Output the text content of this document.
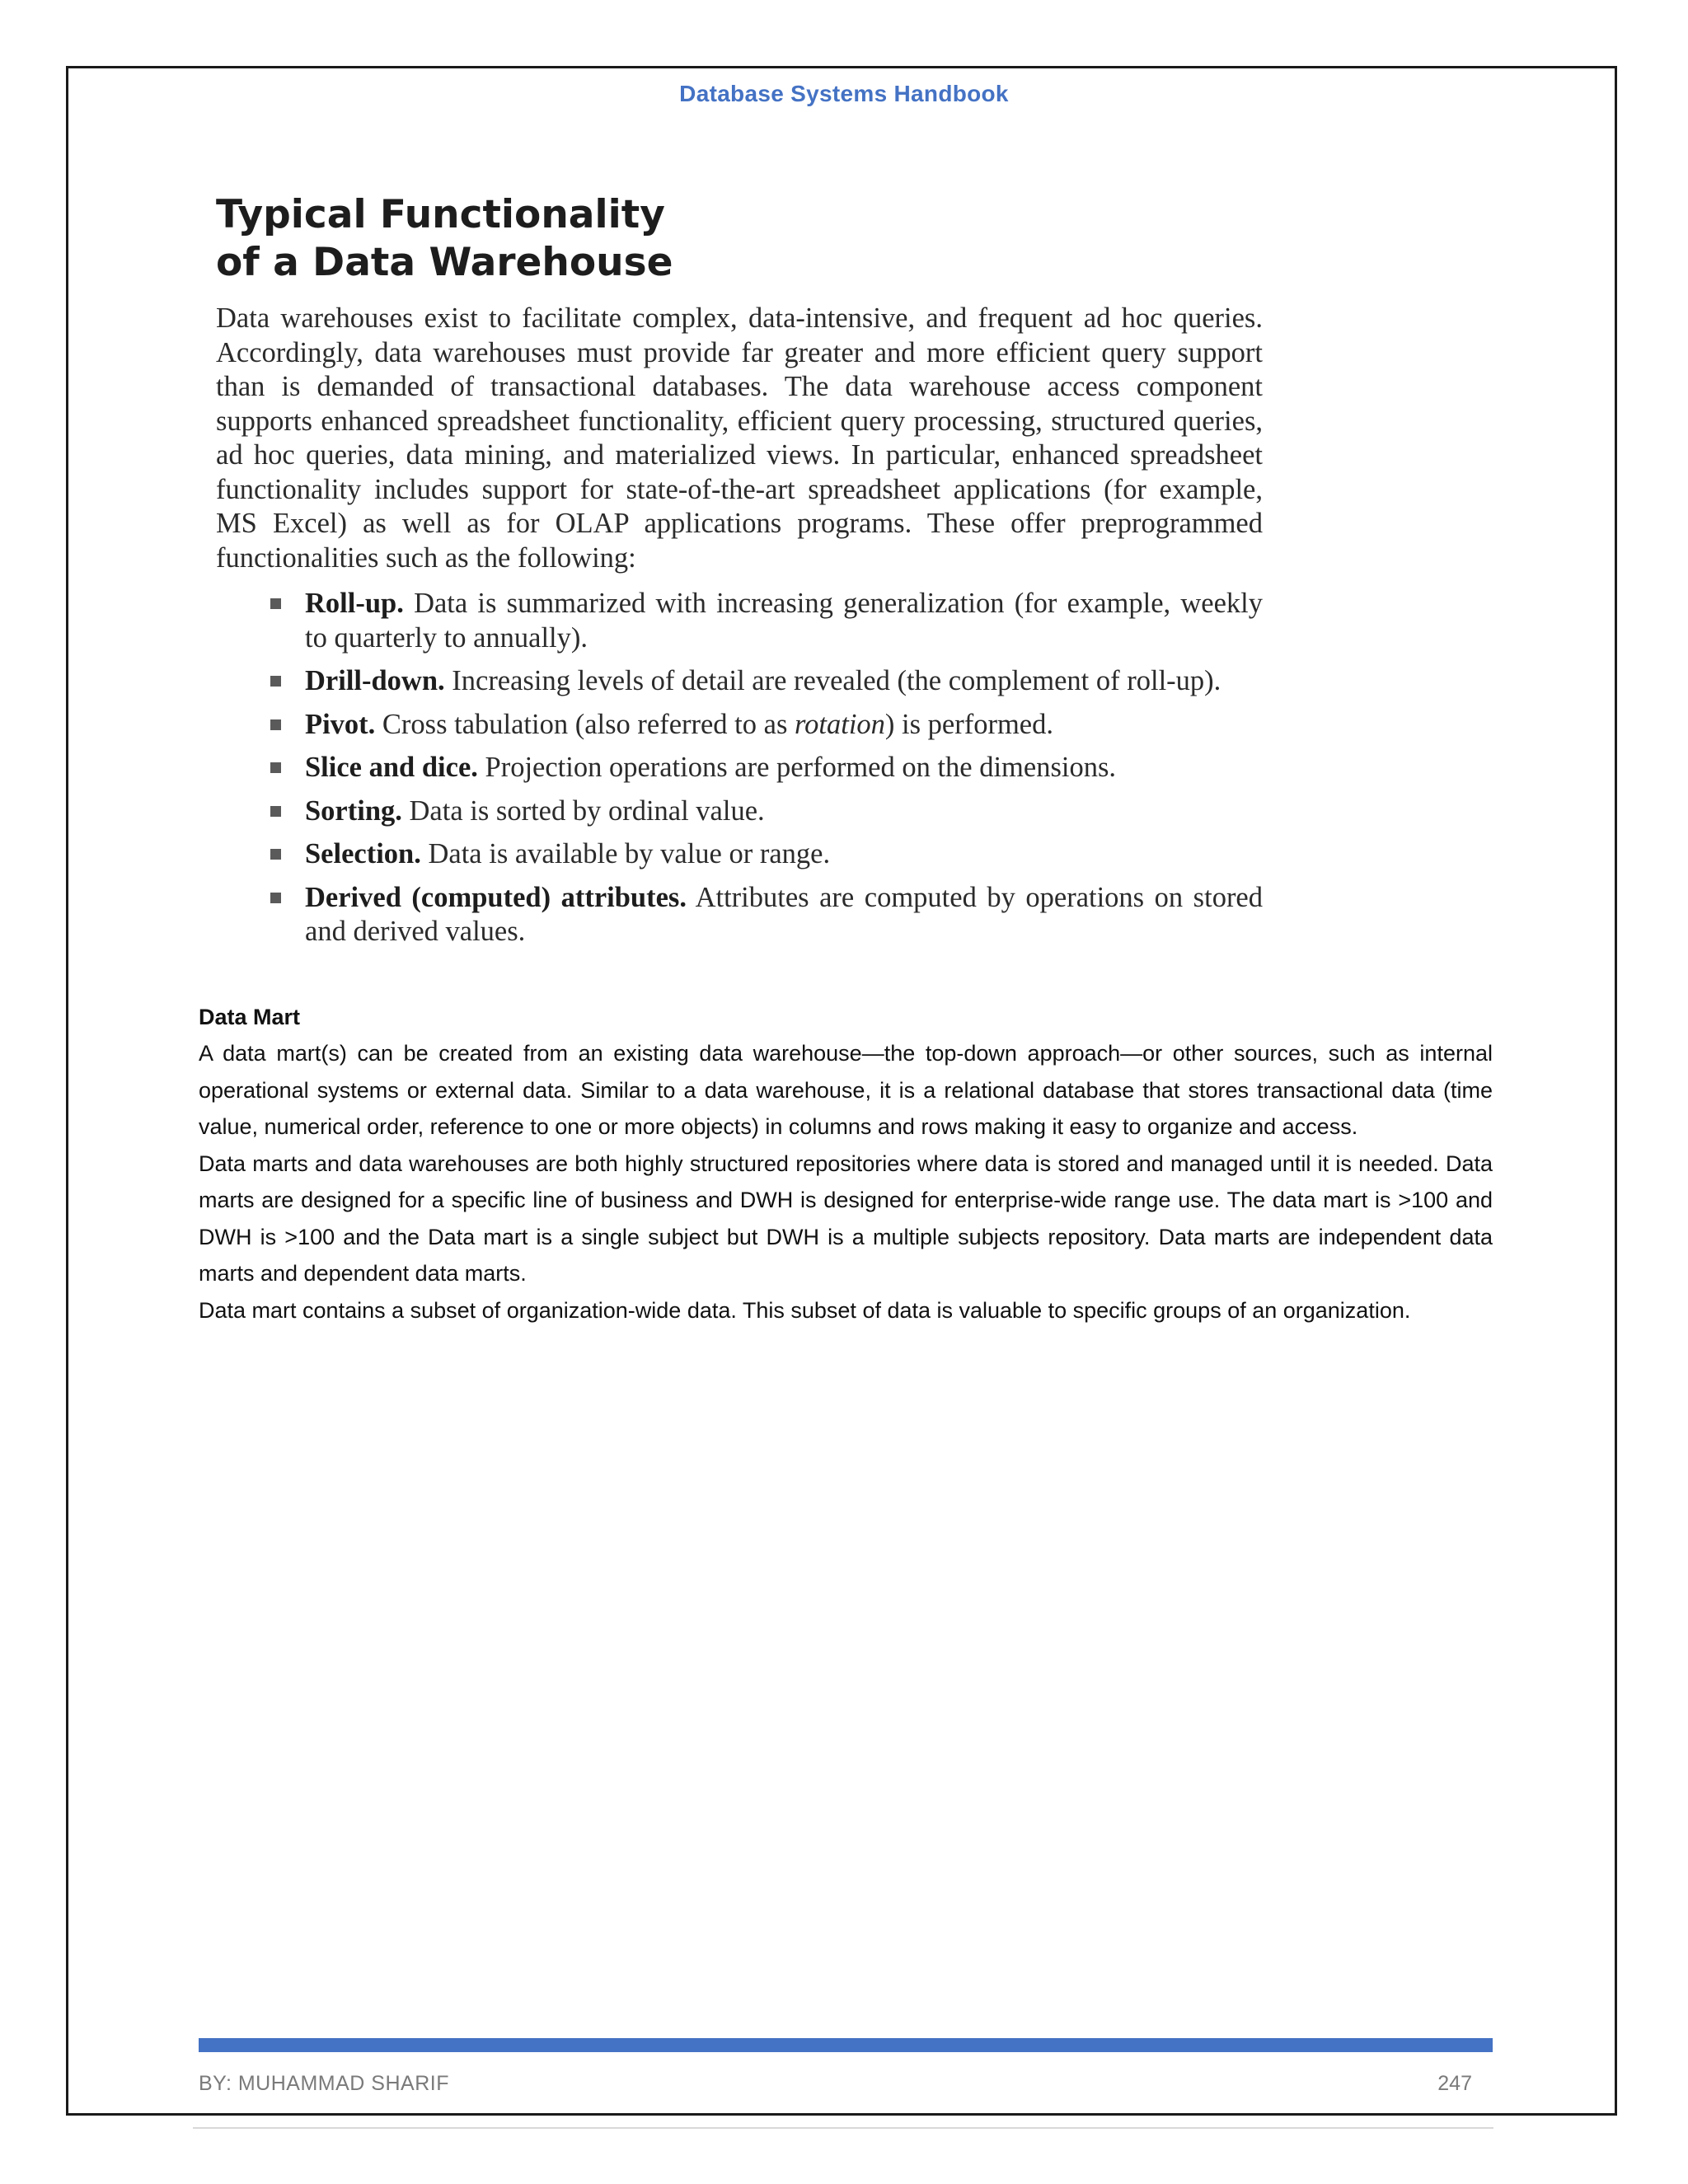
Database Systems Handbook
Typical Functionality
of a Data Warehouse

Data warehouses exist to facilitate complex, data-intensive, and frequent ad hoc queries. Accordingly, data warehouses must provide far greater and more efficient query support than is demanded of transactional databases. The data warehouse access component supports enhanced spreadsheet functionality, efficient query processing, structured queries, ad hoc queries, data mining, and materialized views. In particular, enhanced spreadsheet functionality includes support for state-of-the-art spreadsheet applications (for example, MS Excel) as well as for OLAP applications programs. These offer preprogrammed functionalities such as the following:

Roll-up. Data is summarized with increasing generalization (for example, weekly to quarterly to annually).
Drill-down. Increasing levels of detail are revealed (the complement of roll-up).
Pivot. Cross tabulation (also referred to as rotation) is performed.
Slice and dice. Projection operations are performed on the dimensions.
Sorting. Data is sorted by ordinal value.
Selection. Data is available by value or range.
Derived (computed) attributes. Attributes are computed by operations on stored and derived values.
Data Mart

A data mart(s) can be created from an existing data warehouse—the top-down approach—or other sources, such as internal operational systems or external data. Similar to a data warehouse, it is a relational database that stores transactional data (time value, numerical order, reference to one or more objects) in columns and rows making it easy to organize and access.

Data marts and data warehouses are both highly structured repositories where data is stored and managed until it is needed. Data marts are designed for a specific line of business and DWH is designed for enterprise-wide range use. The data mart is >100 and DWH is >100 and the Data mart is a single subject but DWH is a multiple subjects repository. Data marts are independent data marts and dependent data marts.

Data mart contains a subset of organization-wide data. This subset of data is valuable to specific groups of an organization.

BY: MUHAMMAD SHARIF	247
